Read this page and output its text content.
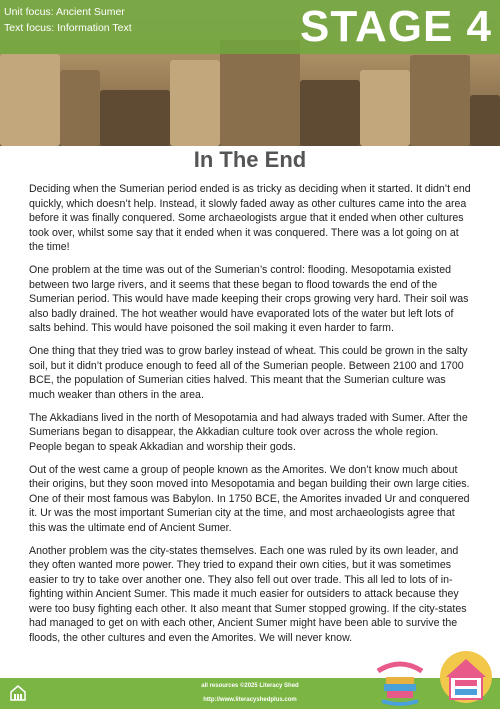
Unit focus: Ancient Sumer
Text focus: Information Text	STAGE 4
In The End

Deciding when the Sumerian period ended is as tricky as deciding when it started. It didn’t end quickly, which doesn’t help. Instead, it slowly faded away as other cultures came into the area before it was finally conquered. Some archaeologists argue that it ended when other cultures took over, whilst some say that it ended when it was conquered. There was a lot going on at the time!

One problem at the time was out of the Sumerian’s control: flooding. Mesopotamia existed between two large rivers, and it seems that these began to flood towards the end of the Sumerian period. This would have made keeping their crops growing very hard. Their soil was also badly drained. The hot weather would have evaporated lots of the water but left lots of salts behind. This would have poisoned the soil making it even harder to farm.

One thing that they tried was to grow barley instead of wheat. This could be grown in the salty soil, but it didn’t produce enough to feed all of the Sumerian people. Between 2100 and 1700 BCE, the population of Sumerian cities halved. This meant that the Sumerian culture was much weaker than others in the area.

The Akkadians lived in the north of Mesopotamia and had always traded with Sumer. After the Sumerians began to disappear, the Akkadian culture took over across the whole region. People began to speak Akkadian and worship their gods.

Out of the west came a group of people known as the Amorites. We don’t know much about their origins, but they soon moved into Mesopotamia and began building their own large cities. One of their most famous was Babylon. In 1750 BCE, the Amorites invaded Ur and conquered it. Ur was the most important Sumerian city at the time, and most archaeologists agree that this was the ultimate end of Ancient Sumer.

Another problem was the city-states themselves. Each one was ruled by its own leader, and they often wanted more power. They tried to expand their own cities, but it was sometimes easier to try to take over another one. They also fell out over trade. This all led to lots of in-fighting within Ancient Sumer. This made it much easier for outsiders to attack because they were too busy fighting each other. It also meant that Sumer stopped growing. If the city-states had managed to get on with each other, Ancient Sumer might have been able to survive the floods, the other cultures and even the Amorites. We will never know.

all resources ©2025 Literacy Shed
http://www.literacyshedplus.com
